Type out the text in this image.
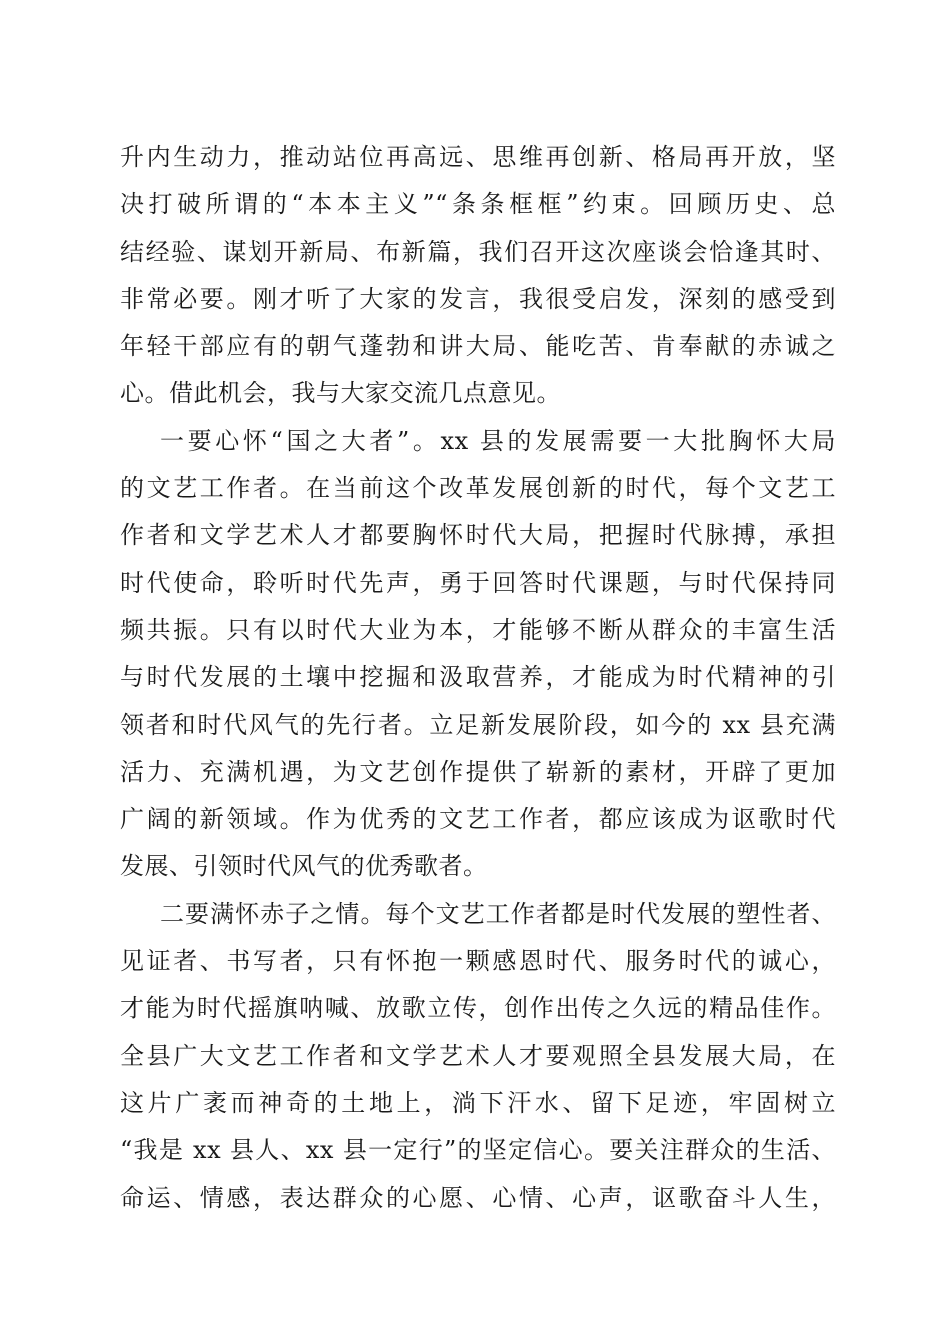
升内生动力，推动站位再高远、思维再创新、格局再开放，坚
决打破所谓的“本本主义”“条条框框”约束。回顾历史、总
结经验、谋划开新局、布新篇，我们召开这次座谈会恰逢其时、
非常必要。刚才听了大家的发言，我很受启发，深刻的感受到
年轻干部应有的朝气蓬勃和讲大局、能吃苦、肯奉献的赤诚之
心。借此机会，我与大家交流几点意见。

一要心怀“国之大者”。xx 县的发展需要一大批胸怀大局
的文艺工作者。在当前这个改革发展创新的时代，每个文艺工
作者和文学艺术人才都要胸怀时代大局，把握时代脉搏，承担
时代使命，聆听时代先声，勇于回答时代课题，与时代保持同
频共振。只有以时代大业为本，才能够不断从群众的丰富生活
与时代发展的土壤中挖掘和汲取营养，才能成为时代精神的引
领者和时代风气的先行者。立足新发展阶段，如今的 xx 县充满
活力、充满机遇，为文艺创作提供了崭新的素材，开辟了更加
广阔的新领域。作为优秀的文艺工作者，都应该成为讴歌时代
发展、引领时代风气的优秀歌者。

二要满怀赤子之情。每个文艺工作者都是时代发展的塑性者、
见证者、书写者，只有怀抱一颗感恩时代、服务时代的诚心，
才能为时代摇旗呐喊、放歌立传，创作出传之久远的精品佳作。
全县广大文艺工作者和文学艺术人才要观照全县发展大局，在
这片广袤而神奇的土地上，淌下汗水、留下足迹，牢固树立
“我是 xx 县人、xx 县一定行”的坚定信心。要关注群众的生活、
命运、情感，表达群众的心愿、心情、心声，讴歌奋斗人生，
